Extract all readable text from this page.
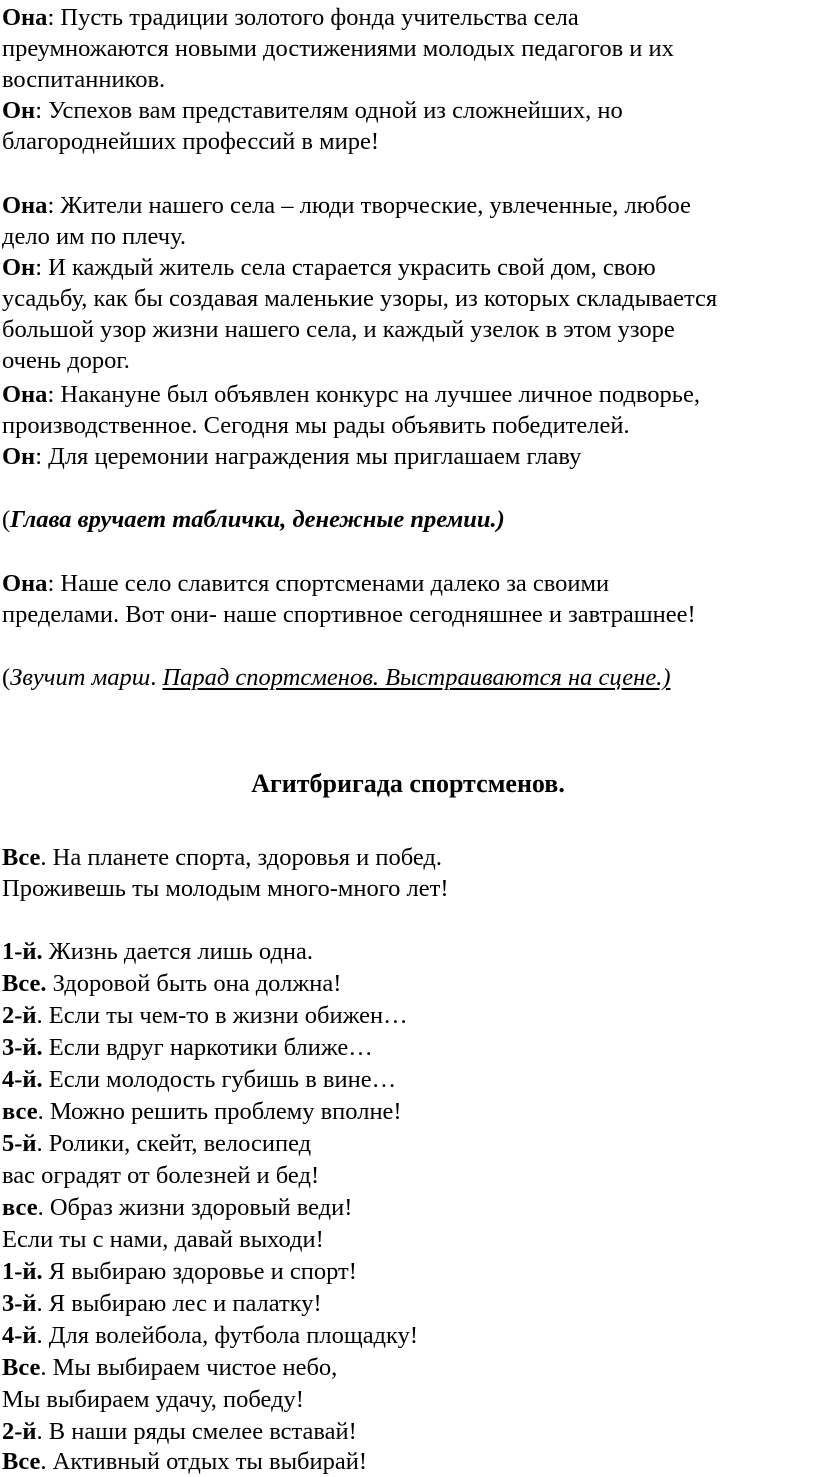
Она: Пусть традиции золотого фонда учительства села
преумножаются новыми достижениями молодых педагогов и их
воспитанников.
Он: Успехов вам представителям одной из сложнейших, но
благороднейших профессий в мире!
Она: Жители нашего села – люди творческие, увлеченные, любое
дело им по плечу.
Он: И каждый житель села старается украсить свой дом, свою
усадьбу, как бы создавая маленькие узоры, из которых складывается
большой узор жизни нашего села, и каждый узелок в этом узоре
очень дорог.
Она: Накануне был объявлен конкурс на лучшее личное подворье,
производственное. Сегодня мы рады объявить победителей.
Он: Для церемонии награждения мы приглашаем главу
(Глава вручает таблички, денежные премии.)
Она: Наше село славится спортсменами далеко за своими
пределами. Вот они- наше спортивное сегодняшнее и завтрашнее!
(Звучит марш. Парад спортсменов. Выстраиваются на сцене.)
Агитбригада спортсменов.
Все. На планете спорта, здоровья и побед.
Проживешь ты молодым много-много лет!
1-й. Жизнь дается лишь одна.
Все. Здоровой быть она должна!
2-й. Если ты чем-то в жизни обижен…
3-й. Если вдруг наркотики ближе…
4-й. Если молодость губишь в вине…
все. Можно решить проблему вполне!
5-й. Ролики, скейт, велосипед
вас оградят от болезней и бед!
все. Образ жизни здоровый веди!
Если ты с нами, давай выходи!
1-й. Я выбираю здоровье и спорт!
3-й. Я выбираю лес и палатку!
4-й. Для волейбола, футбола площадку!
Все. Мы выбираем чистое небо,
Мы выбираем удачу, победу!
2-й. В наши ряды смелее вставай!
Все. Активный отдых ты выбирай!
